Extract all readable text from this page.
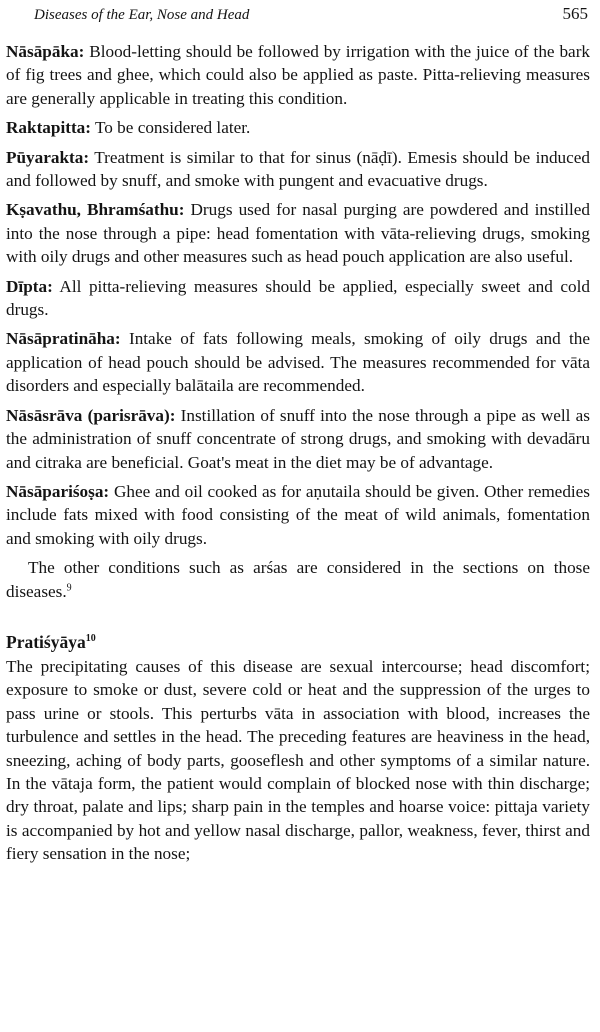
Diseases of the Ear, Nose and Head	565

Nāsāpāka: Blood-letting should be followed by irrigation with the juice of the bark of fig trees and ghee, which could also be applied as paste. Pitta-relieving measures are generally applicable in treating this condition.

Raktapitta: To be considered later.

Pūyarakta: Treatment is similar to that for sinus (nāḍī). Emesis should be induced and followed by snuff, and smoke with pungent and evacuative drugs.

Kṣavathu, Bhramśathu: Drugs used for nasal purging are powdered and instilled into the nose through a pipe: head fomentation with vāta-relieving drugs, smoking with oily drugs and other measures such as head pouch application are also useful.

Dīpta: All pitta-relieving measures should be applied, especially sweet and cold drugs.

Nāsāpratināha: Intake of fats following meals, smoking of oily drugs and the application of head pouch should be advised. The measures recommended for vāta disorders and especially balātaila are recommended.

Nāsāsrāva (parisrāva): Instillation of snuff into the nose through a pipe as well as the administration of snuff concentrate of strong drugs, and smoking with devadāru and citraka are beneficial. Goat's meat in the diet may be of advantage.

Nāsāpariśoṣa: Ghee and oil cooked as for aṇutaila should be given. Other remedies include fats mixed with food consisting of the meat of wild animals, fomentation and smoking with oily drugs.

The other conditions such as arśas are considered in the sections on those diseases.$^9$

Pratiśyāya$^{10}$

The precipitating causes of this disease are sexual intercourse; head discomfort; exposure to smoke or dust, severe cold or heat and the suppression of the urges to pass urine or stools. This perturbs vāta in association with blood, increases the turbulence and settles in the head. The preceding features are heaviness in the head, sneezing, aching of body parts, gooseflesh and other symptoms of a similar nature. In the vātaja form, the patient would complain of blocked nose with thin discharge; dry throat, palate and lips; sharp pain in the temples and hoarse voice: pittaja variety is accompanied by hot and yellow nasal discharge, pallor, weakness, fever, thirst and fiery sensation in the nose;
